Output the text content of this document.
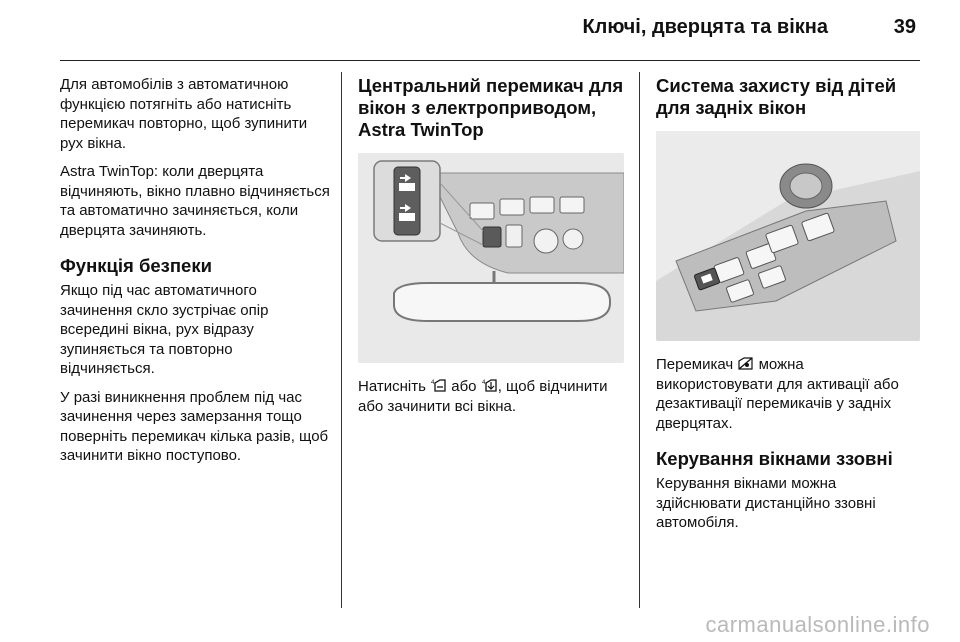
Ключі, дверцята та вікна	39

Для автомобілів з автоматичною функцією потягніть або натисніть перемикач повторно, щоб зупинити рух вікна.

Astra TwinTop: коли дверцята відчиняють, вікно плавно відчиняється та автоматично зачиняється, коли дверцята зачиняють.

Функція безпеки

Якщо під час автоматичного зачинення скло зустрічає опір всередині вікна, рух відразу зупиняється та повторно відчиняється.

У разі виникнення проблем під час зачинення через замерзання тощо поверніть перемикач кілька разів, щоб зачинити вікно поступово.

Центральний перемикач для вікон з електроприводом, Astra TwinTop

Натисніть 4 або 4 , щоб відчинити або зачинити всі вікна.

Система захисту від дітей для задніх вікон

Перемикач можна використовувати для активації або дезактивації перемикачів у задніх дверцятах.

Керування вікнами ззовні

Керування вікнами можна здійснювати дистанційно ззовні автомобіля.

carmanualsonline.info
